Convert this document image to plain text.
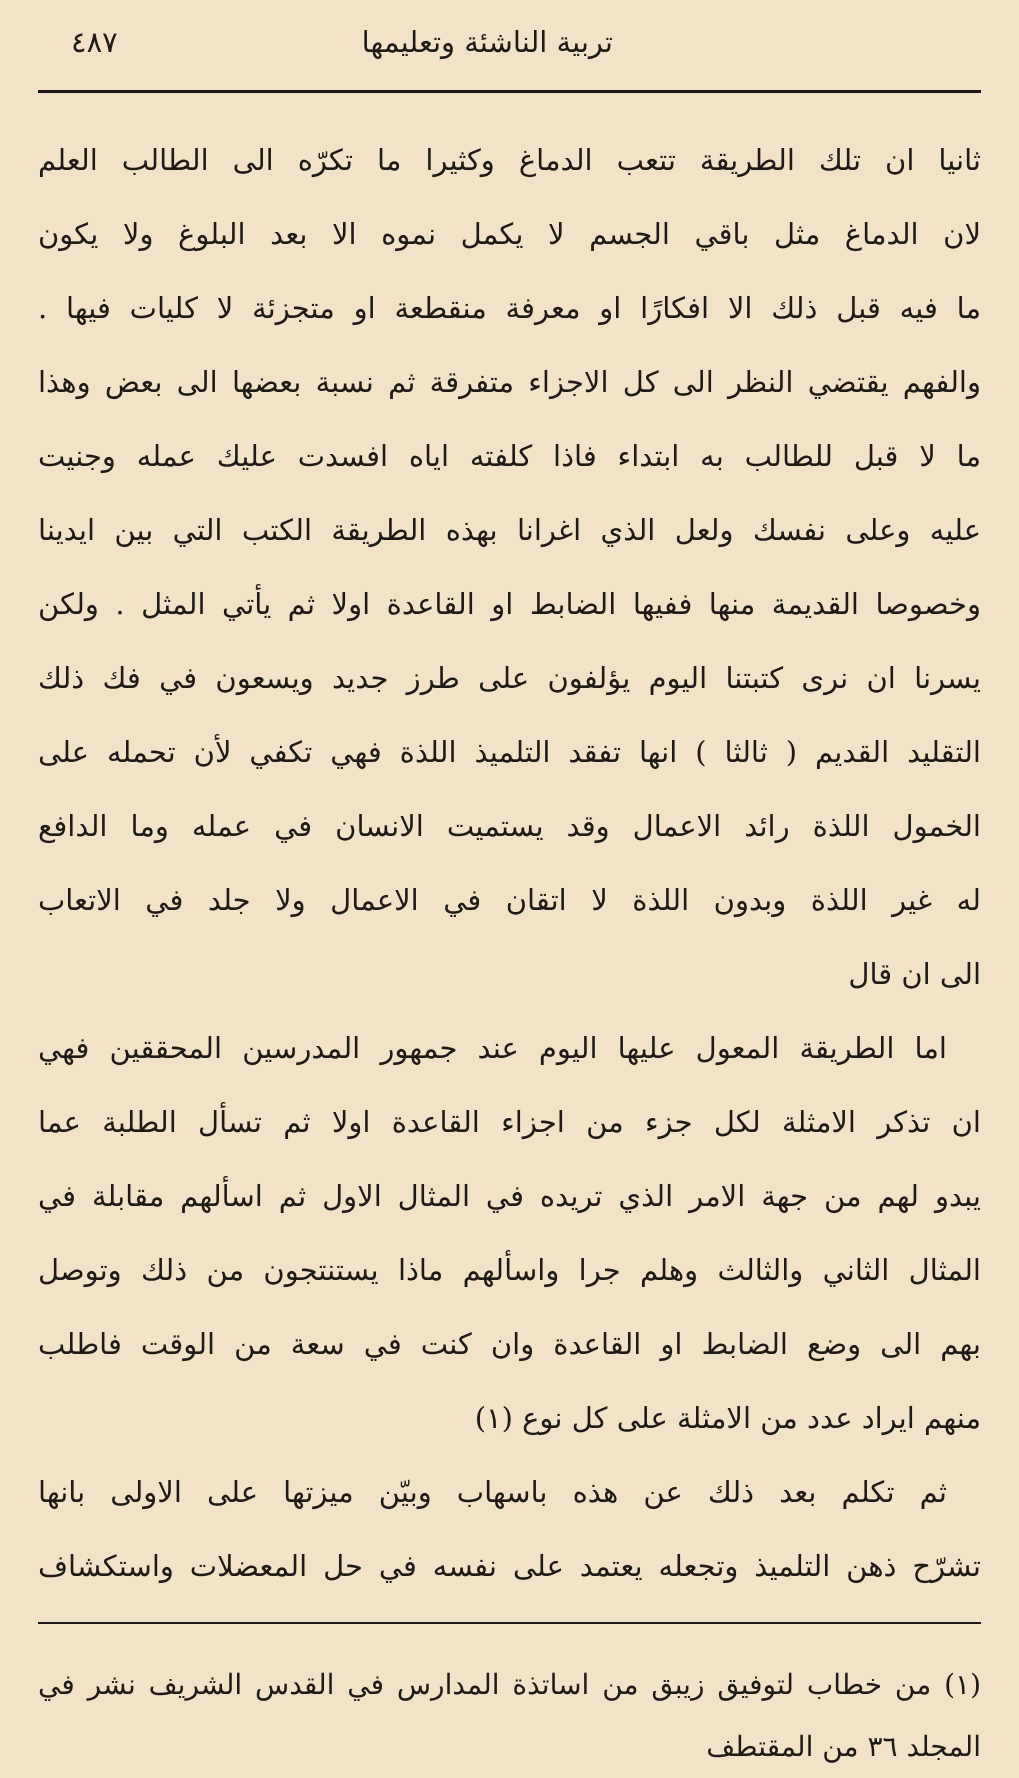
تربية الناشئة وتعليمها
٤٨٧
ثانيا ان تلك الطريقة تتعب الدماغ وكثيرا ما تكرّه الى الطالب العلم
لان الدماغ مثل باقي الجسم لا يكمل نموه الا بعد البلوغ ولا يكون
ما فيه قبل ذلك الا افكارًا او معرفة منقطعة او متجزئة لا كليات فيها .
والفهم يقتضي النظر الى كل الاجزاء متفرقة ثم نسبة بعضها الى بعض وهذا
ما لا قبل للطالب به ابتداء فاذا كلفته اياه افسدت عليك عمله وجنيت
عليه وعلى نفسك ولعل الذي اغرانا بهذه الطريقة الكتب التي بين ايدينا
وخصوصا القديمة منها ففيها الضابط او القاعدة اولا ثم يأتي المثل . ولكن
يسرنا ان نرى كتبتنا اليوم يؤلفون على طرز جديد ويسعون في فك ذلك
التقليد القديم ( ثالثا ) انها تفقد التلميذ اللذة فهي تكفي لأن تحمله على
الخمول اللذة رائد الاعمال وقد يستميت الانسان في عمله وما الدافع
له غير اللذة وبدون اللذة لا اتقان في الاعمال ولا جلد في الاتعاب
الى ان قال
اما الطريقة المعول عليها اليوم عند جمهور المدرسين المحققين فهي
ان تذكر الامثلة لكل جزء من اجزاء القاعدة اولا ثم تسأل الطلبة عما
يبدو لهم من جهة الامر الذي تريده في المثال الاول ثم اسألهم مقابلة في
المثال الثاني والثالث وهلم جرا واسألهم ماذا يستنتجون من ذلك وتوصل
بهم الى وضع الضابط او القاعدة وان كنت في سعة من الوقت فاطلب
منهم ايراد عدد من الامثلة على كل نوع (١)
ثم تكلم بعد ذلك عن هذه باسهاب وبيّن ميزتها على الاولى بانها
تشرّح ذهن التلميذ وتجعله يعتمد على نفسه في حل المعضلات واستكشاف
(١) من خطاب لتوفيق زيبق من اساتذة المدارس في القدس الشريف نشر في
المجلد ٣٦ من المقتطف
